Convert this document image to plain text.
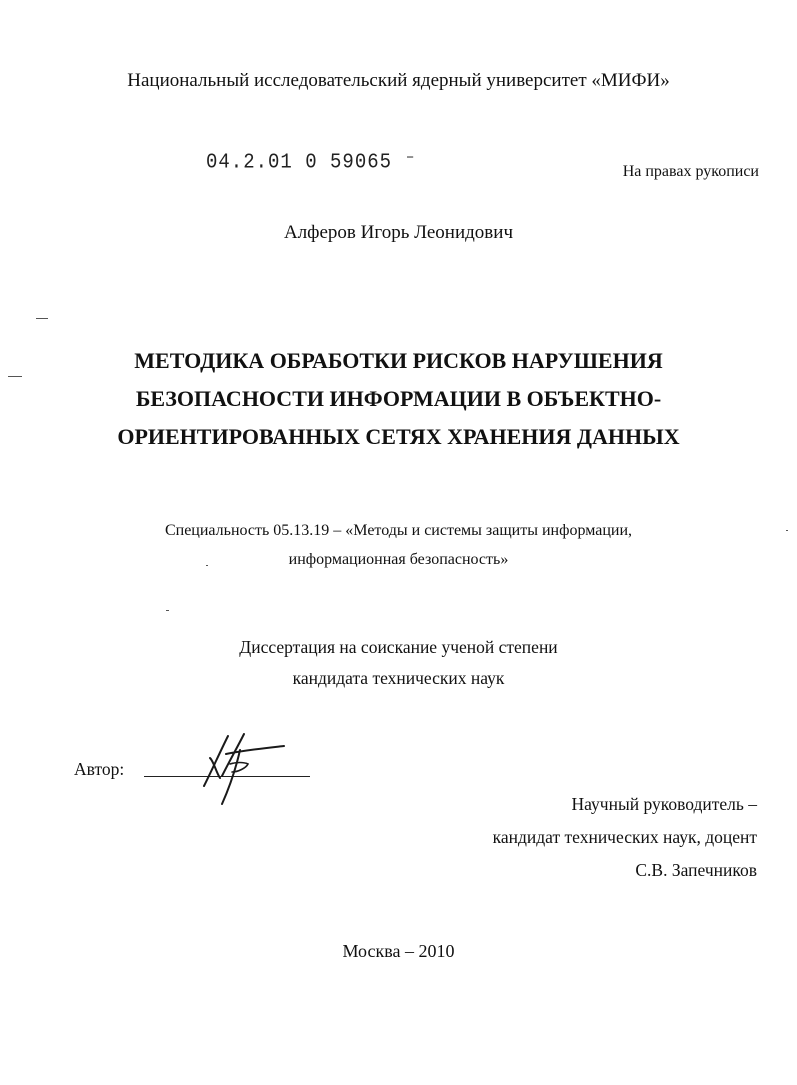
Национальный исследовательский ядерный университет «МИФИ»
04.2.01 0 59065 ⁻	На правах рукописи
Алферов Игорь Леонидович
МЕТОДИКА ОБРАБОТКИ РИСКОВ НАРУШЕНИЯ
БЕЗОПАСНОСТИ ИНФОРМАЦИИ В ОБЪЕКТНО-
ОРИЕНТИРОВАННЫХ СЕТЯХ ХРАНЕНИЯ ДАННЫХ
Специальность 05.13.19 – «Методы и системы защиты информации,
информационная безопасность»
Диссертация на соискание ученой степени
кандидата технических наук
Автор:
Научный руководитель –
кандидат технических наук, доцент
С.В. Запечников
Москва – 2010
